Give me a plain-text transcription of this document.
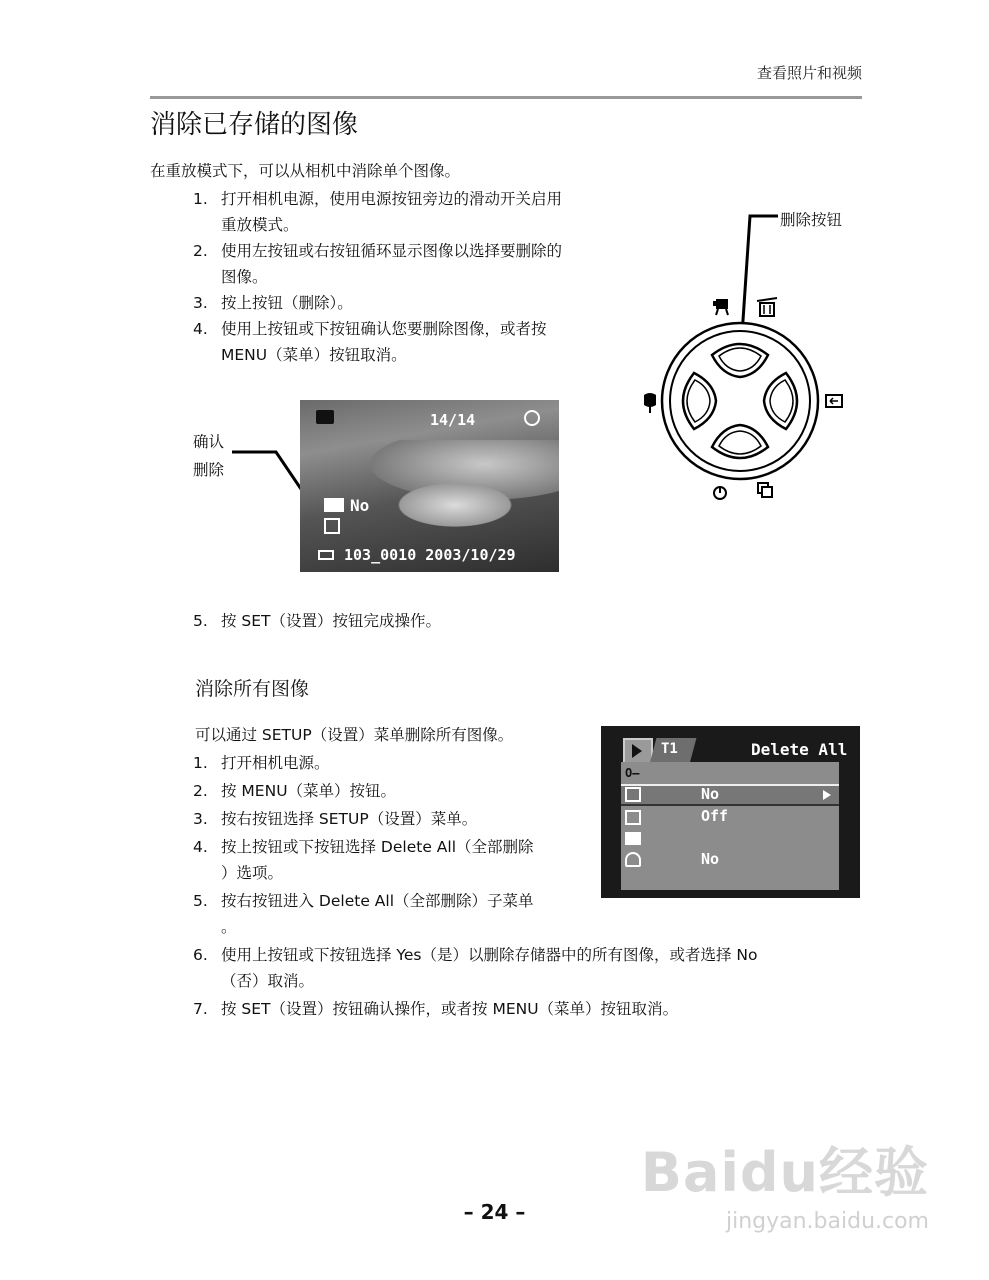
查看照片和视频
消除已存储的图像
在重放模式下，可以从相机中消除单个图像。
1. 打开相机电源，使用电源按钮旁边的滑动开关启用
重放模式。
2. 使用左按钮或右按钮循环显示图像以选择要删除的
图像。
3. 按上按钮（删除）。
4. 使用上按钮或下按钮确认您要删除图像，或者按
MENU（菜单）按钮取消。
删除按钮
确认
删除
14/14
No
103_0010 2003/10/29
5. 按 SET（设置）按钮完成操作。
消除所有图像
可以通过 SETUP（设置）菜单删除所有图像。
1. 打开相机电源。
2. 按 MENU（菜单）按钮。
3. 按右按钮选择 SETUP（设置）菜单。
4. 按上按钮或下按钮选择 Delete All（全部删除
）选项。
5. 按右按钮进入 Delete All（全部删除）子菜单
。
6. 使用上按钮或下按钮选择 Yes（是）以删除存储器中的所有图像，或者选择 No
（否）取消。
7. 按 SET（设置）按钮确认操作，或者按 MENU（菜单）按钮取消。
T1	Delete All
O–
No
Off
No
Baidu经验
jingyan.baidu.com
– 24 –
